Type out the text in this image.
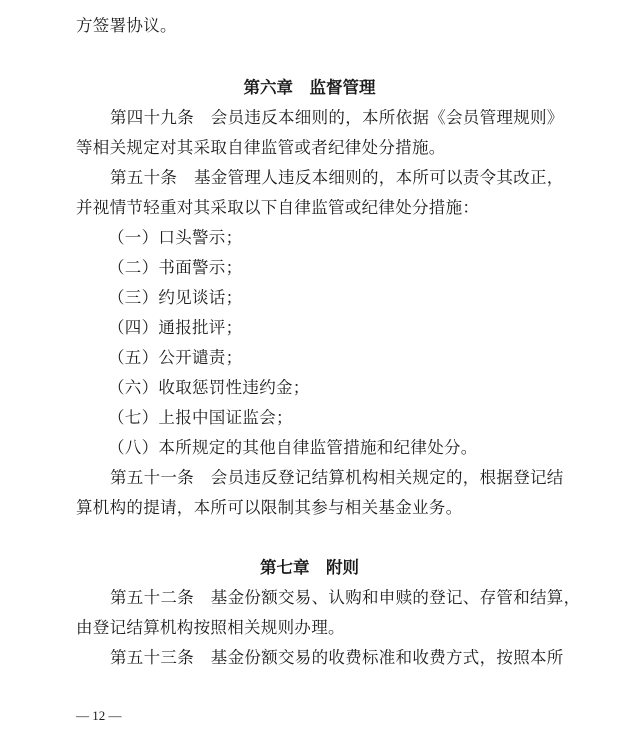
方签署协议。
第六章　监督管理
第四十九条　会员违反本细则的，本所依据《会员管理规则》
等相关规定对其采取自律监管或者纪律处分措施。
第五十条　基金管理人违反本细则的，本所可以责令其改正，
并视情节轻重对其采取以下自律监管或纪律处分措施：
（一）口头警示；
（二）书面警示；
（三）约见谈话；
（四）通报批评；
（五）公开谴责；
（六）收取惩罚性违约金；
（七）上报中国证监会；
（八）本所规定的其他自律监管措施和纪律处分。
第五十一条　会员违反登记结算机构相关规定的，根据登记结
算机构的提请，本所可以限制其参与相关基金业务。
第七章　附则
第五十二条　基金份额交易、认购和申赎的登记、存管和结算，
由登记结算机构按照相关规则办理。
第五十三条　基金份额交易的收费标准和收费方式，按照本所
— 12 —
